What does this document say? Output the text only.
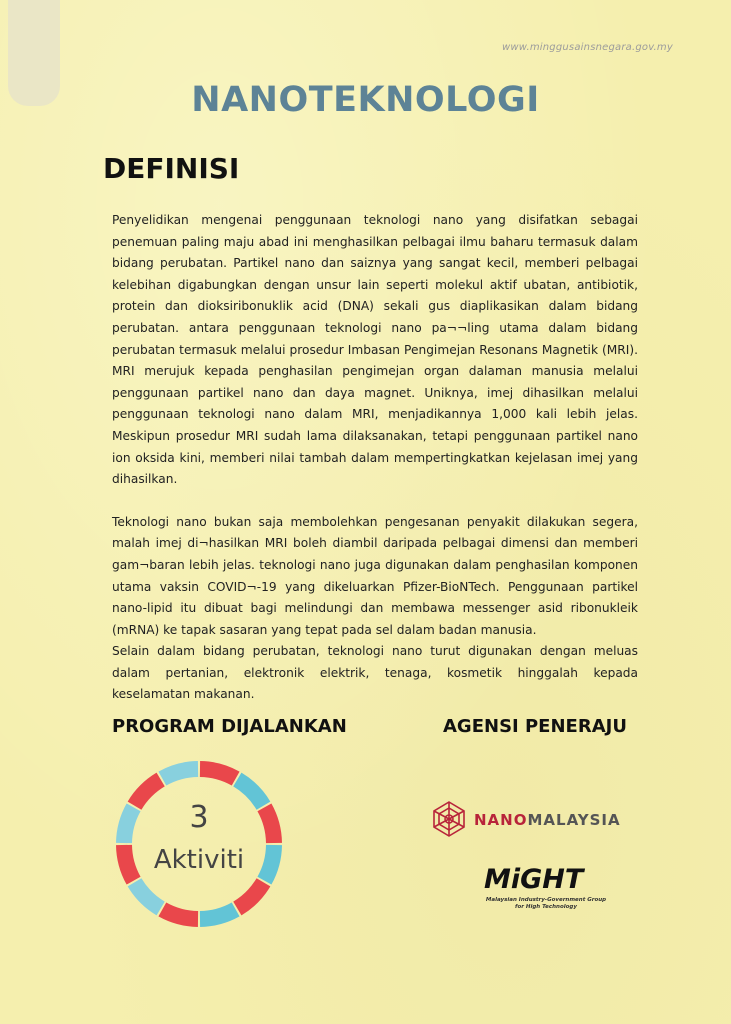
www.minggusainsnegara.gov.my
NANOTEKNOLOGI
DEFINISI

Penyelidikan mengenai penggunaan teknologi nano yang disifatkan sebagai penemuan paling maju abad ini menghasilkan pelbagai ilmu baharu termasuk dalam bidang perubatan. Partikel nano dan saiznya yang sangat kecil, memberi pelbagai kelebihan digabungkan dengan unsur lain seperti molekul aktif ubatan, antibiotik, protein dan dioksiribonuklik acid (DNA) sekali gus diaplikasikan dalam bidang perubatan. antara penggunaan teknologi nano pa¬¬ling utama dalam bidang perubatan termasuk melalui prosedur Imbasan Pengimejan Resonans Magnetik (MRI). MRI merujuk kepada penghasilan pengimejan organ dalaman manusia melalui penggunaan partikel nano dan daya magnet. Uniknya, imej dihasilkan melalui penggunaan teknologi nano dalam MRI, menjadikannya 1,000 kali lebih jelas. Meskipun prosedur MRI sudah lama dilaksanakan, tetapi penggunaan partikel nano ion oksida kini, memberi nilai tambah dalam mempertingkatkan kejelasan imej yang dihasilkan.

Teknologi nano bukan saja membolehkan pengesanan penyakit dilakukan segera, malah imej di¬hasilkan MRI boleh diambil daripada pelbagai dimensi dan memberi gam¬baran lebih jelas. teknologi nano juga digunakan dalam penghasilan komponen utama vaksin COVID¬-19 yang dikeluarkan Pfizer-BioNTech. Penggunaan partikel nano-lipid itu dibuat bagi melindungi dan membawa messenger asid ribonukleik (mRNA) ke tapak sasaran yang tepat pada sel dalam badan manusia.

Selain dalam bidang perubatan, teknologi nano turut digunakan dengan meluas dalam pertanian, elektronik elektrik, tenaga, kosmetik hinggalah kepada keselamatan makanan.

PROGRAM DIJALANKAN	AGENSI PENERAJU
3
Aktiviti
NANOMALAYSIA
MiGHT
Malaysian Industry-Government Group for High Technology
